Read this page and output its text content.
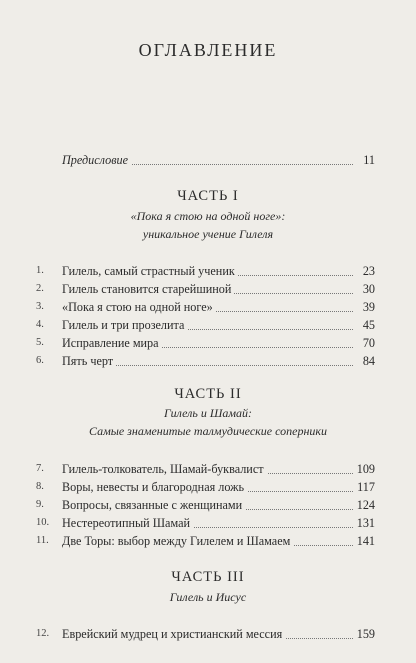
ОГЛАВЛЕНИЕ
Предисловие	11
ЧАСТЬ I
«Пока я стою на одной ноге»:
уникальное учение Гилеля
1.	Гилель, самый страстный ученик	23
2.	Гилель становится старейшиной	30
3.	«Пока я стою на одной ноге»	39
4.	Гилель и три прозелита	45
5.	Исправление мира	70
6.	Пять черт	84
ЧАСТЬ II
Гилель и Шамай:
Самые знаменитые талмудические соперники
7.	Гилель-толкователь, Шамай-буквалист	109
8.	Воры, невесты и благородная ложь	117
9.	Вопросы, связанные с женщинами	124
10.	Нестереотипный Шамай	131
11.	Две Торы: выбор между Гилелем и Шамаем	141
ЧАСТЬ III
Гилель и Иисус
12.	Еврейский мудрец и христианский мессия	159
